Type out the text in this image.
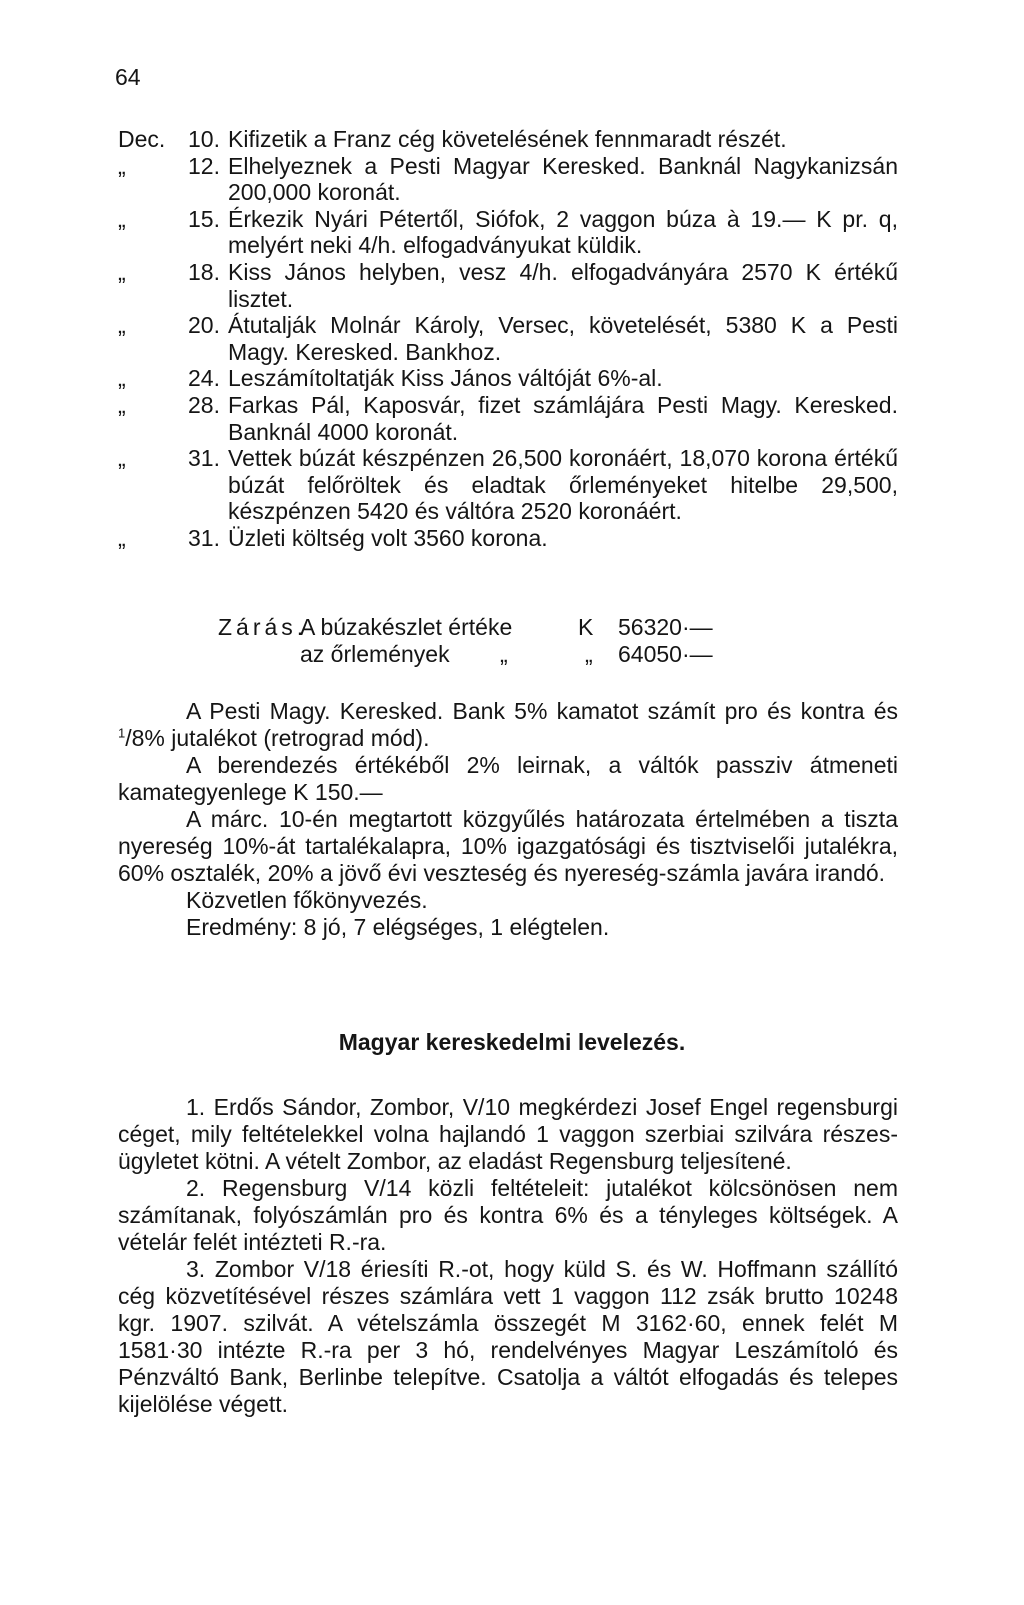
64
Dec. 10 . Kifizetik a Franz cég követelésének fennmaradt részét.
„	12 . Elhelyeznek a Pesti Magyar Keresked. Banknál Nagykanizsán 200,000 koronát.
„	15 . Érkezik Nyári Pétertől, Siófok, 2 vaggon búza à 19.— K pr. q, melyért neki 4/h. elfogadványukat küldik.
„	18 . Kiss János helyben, vesz 4/h. elfogadványára 2570 K értékű lisztet.
„	20 . Átutalják Molnár Károly, Versec, követelését, 5380 K a Pesti Magy. Keresked. Bankhoz.
„	24 . Leszámítoltatják Kiss János váltóját 6%-al.
„	28 . Farkas Pál, Kaposvár, fizet számlájára Pesti Magy. Keresked. Banknál 4000 koronát.
„	31 . Vettek búzát készpénzen 26,500 koronáért, 18,070 korona értékű búzát felőröltek és eladtak őrleményeket hitelbe 29,500, készpénzen 5420 és váltóra 2520 koronáért.
„	31 . Üzleti költség volt 3560 korona.
Zárás.
A búzakészlet értéke	K 56320·—
az őrlemények „	„ 64050·—
A Pesti Magy. Keresked. Bank 5% kamatot számít pro és kontra és $^1$/8% jutalékot (retrograd mód).
A berendezés értékéből 2% leirnak, a váltók passziv átmeneti kamategyenlege K 150.—
A márc. 10-én megtartott közgyűlés határozata értelmében a tiszta nyereség 10%-át tartalékalapra, 10% igazgatósági és tisztviselői jutalékra, 60% osztalék, 20% a jövő évi veszteség és nyereség-számla javára irandó.
Közvetlen főkönyvezés.
Eredmény: 8 jó, 7 elégséges, 1 elégtelen.
Magyar kereskedelmi levelezés.
1. Erdős Sándor, Zombor, V/10 megkérdezi Josef Engel regensburgi céget, mily feltételekkel volna hajlandó 1 vaggon szerbiai szilvára részes-ügyletet kötni. A vételt Zombor, az eladást Regensburg teljesítené.
2. Regensburg V/14 közli feltételeit: jutalékot kölcsönösen nem számítanak, folyószámlán pro és kontra 6% és a tényleges költségek. A vételár felét intézteti R.-ra.
3. Zombor V/18 ériesíti R.-ot, hogy küld S. és W. Hoffmann szállító cég közvetítésével részes számlára vett 1 vaggon 112 zsák brutto 10248 kgr. 1907. szilvát. A vételszámla összegét M 3162·60, ennek felét M 1581·30 intézte R.-ra per 3 hó, rendelvényes Magyar Leszámítoló és Pénzváltó Bank, Berlinbe telepítve. Csatolja a váltót elfogadás és telepes kijelölése végett.
